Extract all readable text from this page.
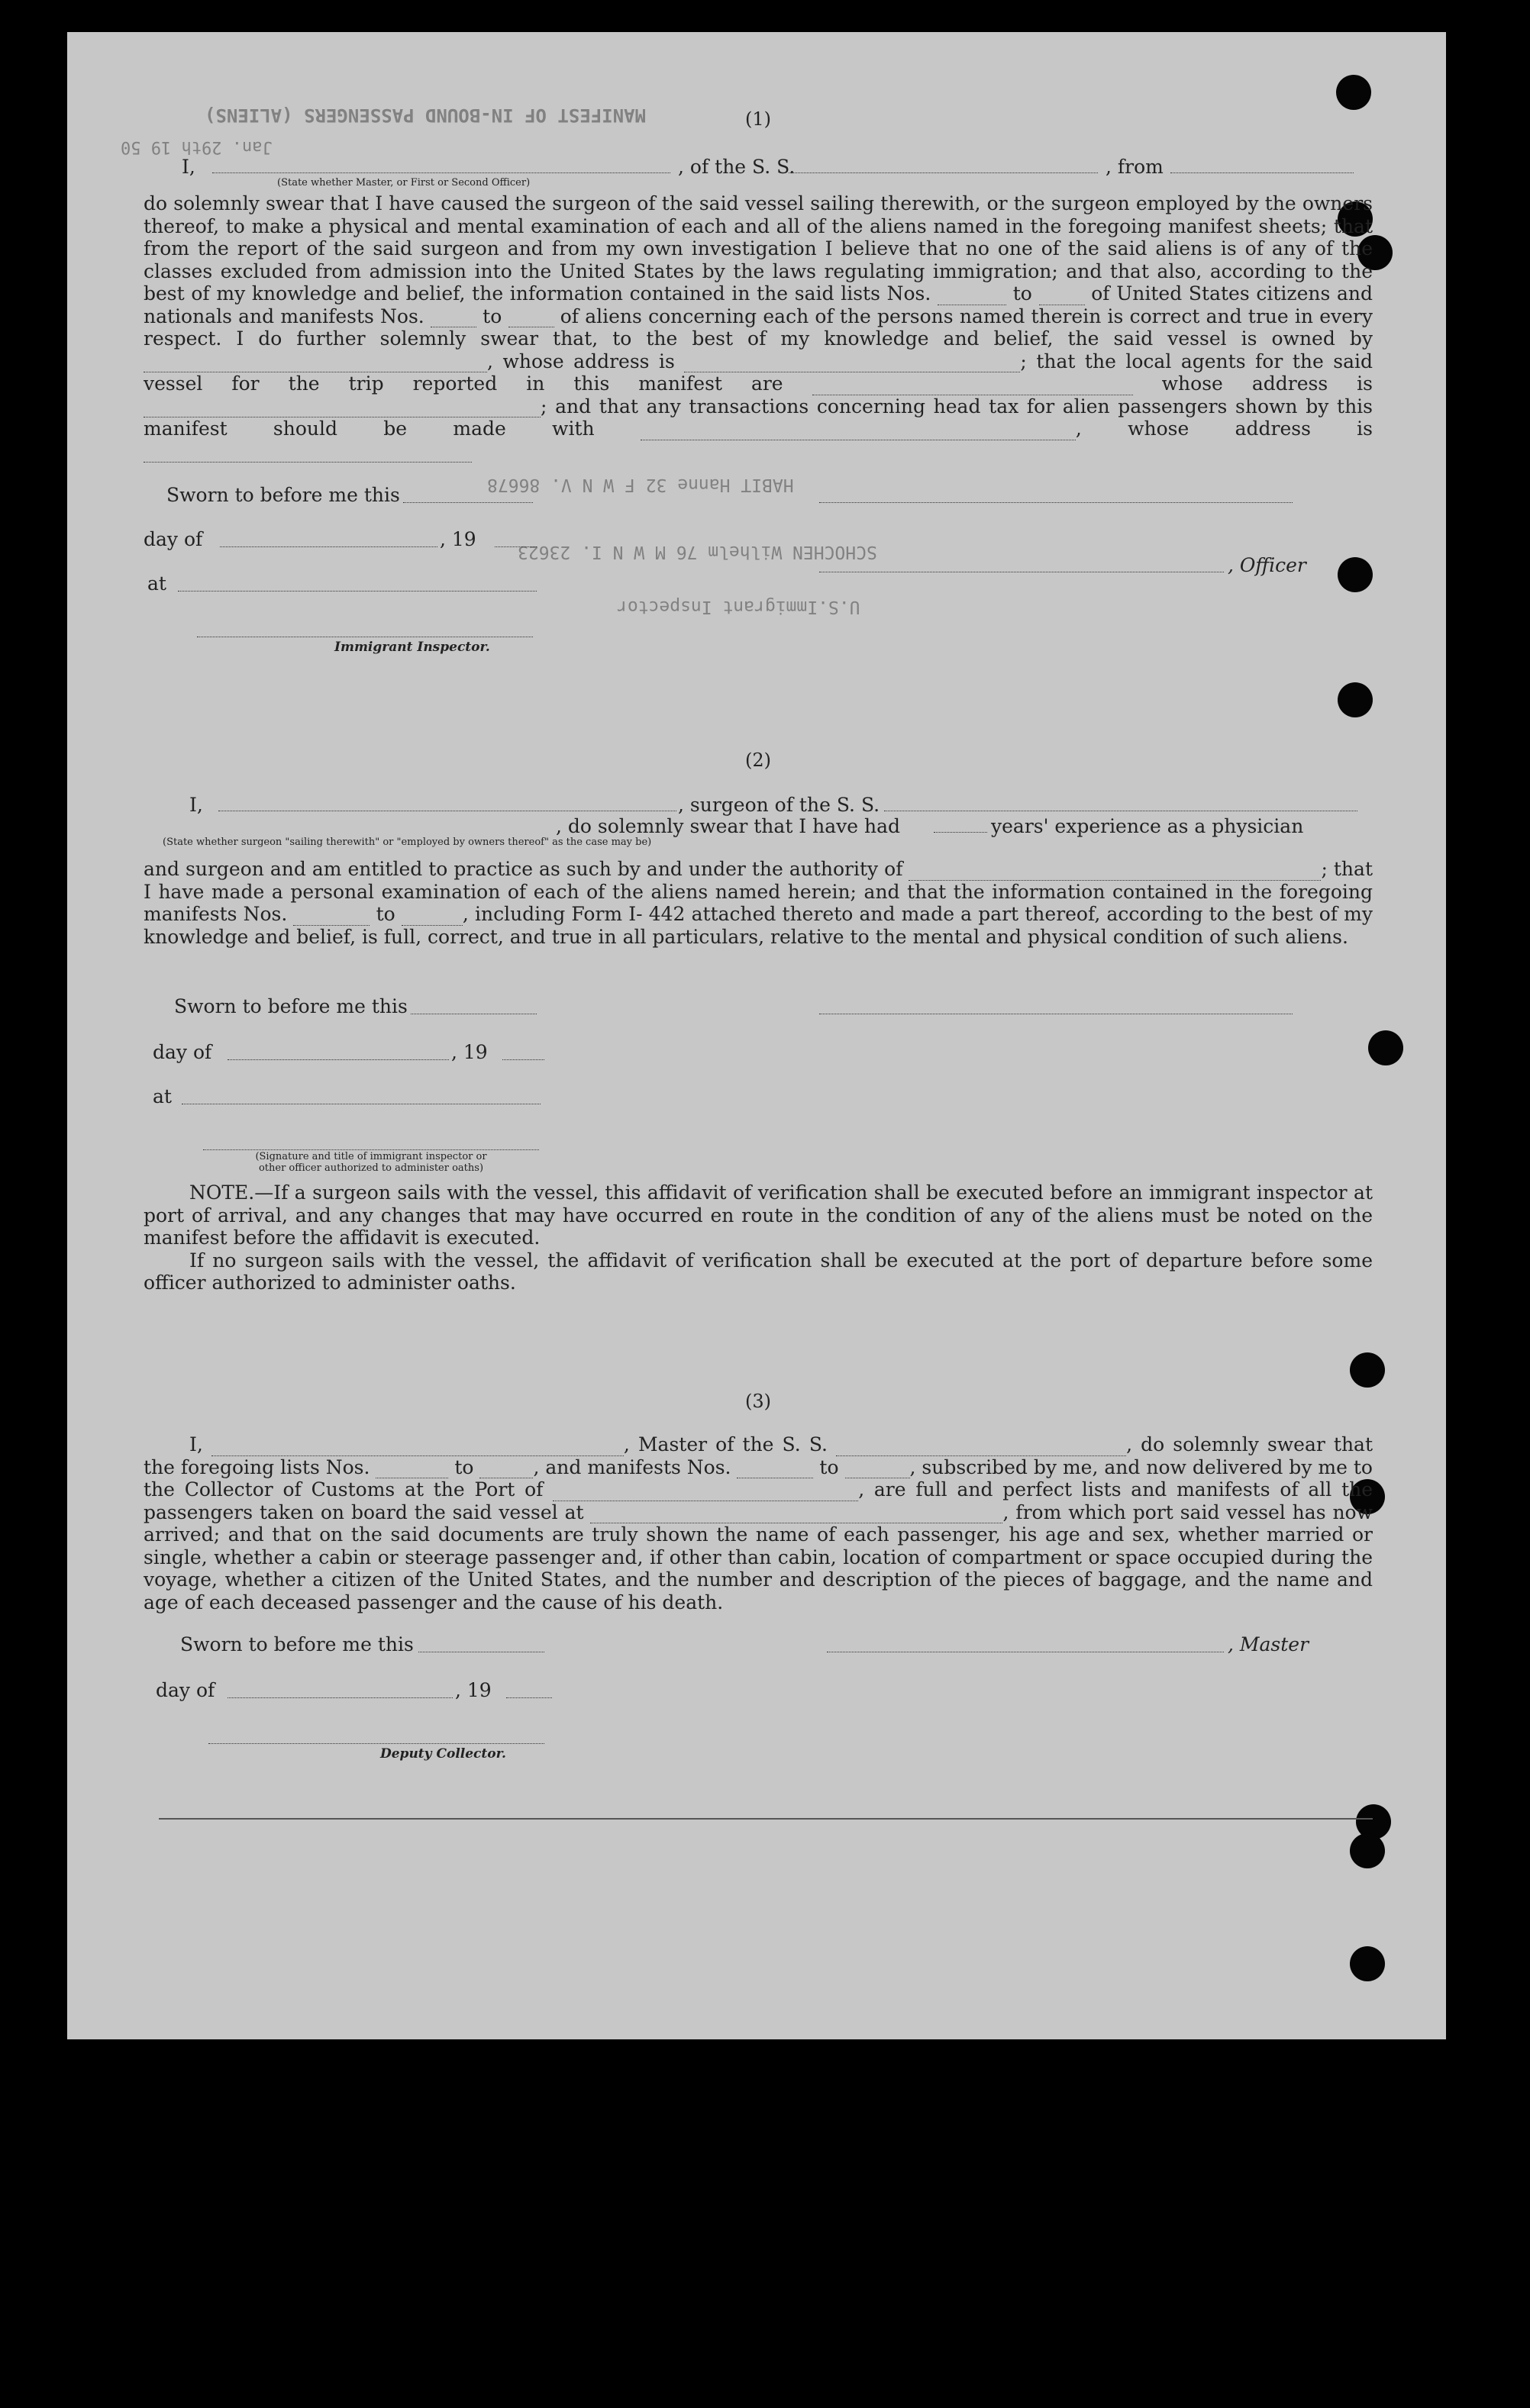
MANIFEST OF IN-BOUND PASSENGERS (ALIENS)
Jan. 29th 19 50
HABIT Hanne 32 F W N V. 86678
SCHOCHEN Wilhelm 76 M W N I. 23623
U.S.Immigrant Inspector
(1)
I,	, of the S. S.	, from
(State whether Master, or First or Second Officer)
do solemnly swear that I have caused the surgeon of the said vessel sailing therewith, or the surgeon employed by the owners thereof, to make a physical and mental examination of each and all of the aliens named in the foregoing manifest sheets; that from the report of the said surgeon and from my own investigation I believe that no one of the said aliens is of any of the classes excluded from admission into the United States by the laws regulating immigration; and that also, according to the best of my knowledge and belief, the information contained in the said lists Nos.	to	of United States citizens and nationals and manifests Nos.	to	of aliens concerning each of the persons named therein is correct and true in every respect. I do further solemnly swear that, to the best of my knowledge and belief, the said vessel is owned by , whose address is	; that the local agents for the said vessel for the trip reported in this manifest are	whose address is ; and that any transactions concerning head tax for alien passengers shown by this manifest should be made with	, whose address is
Sworn to before me this
day of	, 19
, Officer
at
Immigrant Inspector.
(2)
I,	, surgeon of the S. S.
, do solemnly swear that I have had	years' experience as a physician
(State whether surgeon "sailing therewith" or "employed by owners thereof" as the case may be)
and surgeon and am entitled to practice as such by and under the authority of	; that I have made a personal examination of each of the aliens named herein; and that the information contained in the foregoing manifests Nos.	to	, including Form I- 442 attached thereto and made a part thereof, according to the best of my knowledge and belief, is full, correct, and true in all particulars, relative to the mental and physical condition of such aliens.
Sworn to before me this
day of	, 19
at
(Signature and title of immigrant inspector or
other officer authorized to administer oaths)
NOTE.—If a surgeon sails with the vessel, this affidavit of verification shall be executed before an immigrant inspector at port of arrival, and any changes that may have occurred en route in the condition of any of the aliens must be noted on the manifest before the affidavit is executed.
If no surgeon sails with the vessel, the affidavit of verification shall be executed at the port of departure before some officer authorized to administer oaths.
(3)
I,	, Master of the S. S.	, do solemnly swear that the foregoing lists Nos.	to	, and manifests Nos.	to	, subscribed by me, and now delivered by me to the Collector of Customs at the Port of	, are full and perfect lists and manifests of all the passengers taken on board the said vessel at	, from which port said vessel has now arrived; and that on the said documents are truly shown the name of each passenger, his age and sex, whether married or single, whether a cabin or steerage passenger and, if other than cabin, location of compartment or space occupied during the voyage, whether a citizen of the United States, and the number and description of the pieces of baggage, and the name and age of each deceased passenger and the cause of his death.
Sworn to before me this	, Master
day of	, 19
Deputy Collector.
